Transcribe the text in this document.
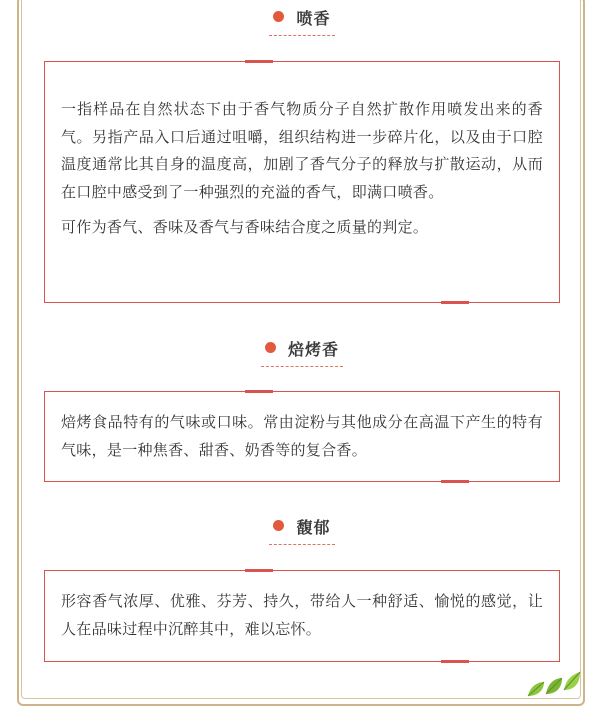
喷香

一指样品在自然状态下由于香气物质分子自然扩散作用喷发出来的香气。另指产品入口后通过咀嚼，组织结构进一步碎片化，以及由于口腔温度通常比其自身的温度高，加剧了香气分子的释放与扩散运动，从而在口腔中感受到了一种强烈的充溢的香气，即满口喷香。

可作为香气、香味及香气与香味结合度之质量的判定。

焙烤香

焙烤食品特有的气味或口味。常由淀粉与其他成分在高温下产生的特有气味，是一种焦香、甜香、奶香等的复合香。

馥郁

形容香气浓厚、优雅、芬芳、持久，带给人一种舒适、愉悦的感觉，让人在品味过程中沉醉其中，难以忘怀。
